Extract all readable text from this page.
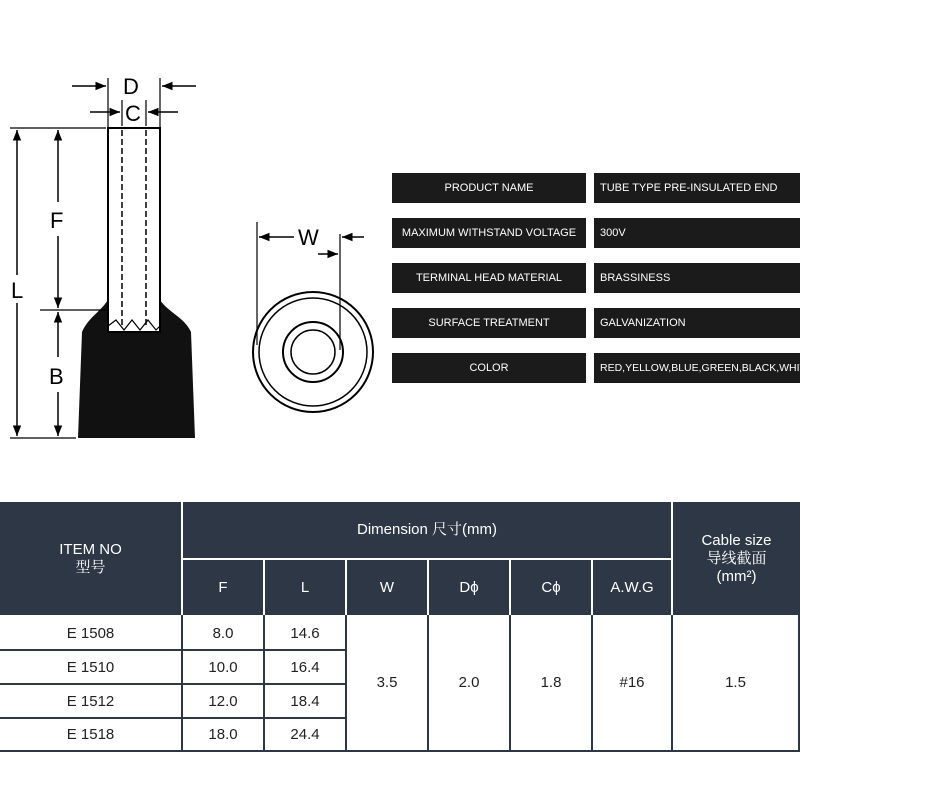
D
C
L
F
B
W
PRODUCT NAME	TUBE TYPE PRE-INSULATED END
MAXIMUM WITHSTAND VOLTAGE	300V
TERMINAL HEAD MATERIAL	BRASSINESS
SURFACE TREATMENT	GALVANIZATION
COLOR	RED,YELLOW,BLUE,GREEN,BLACK,WHITE,BROWN,ORANGE,GRAY
ITEM NO
型号
Dimension 尺寸(mm)
Cable size
导线截面
(mm²)
F	L	W	Dϕ	Cϕ	A.W.G
E 1508	8.0	14.6
E 1510	10.0	16.4
E 1512	12.0	18.4
E 1518	18.0	24.4
3.5	2.0	1.8	#16	1.5
